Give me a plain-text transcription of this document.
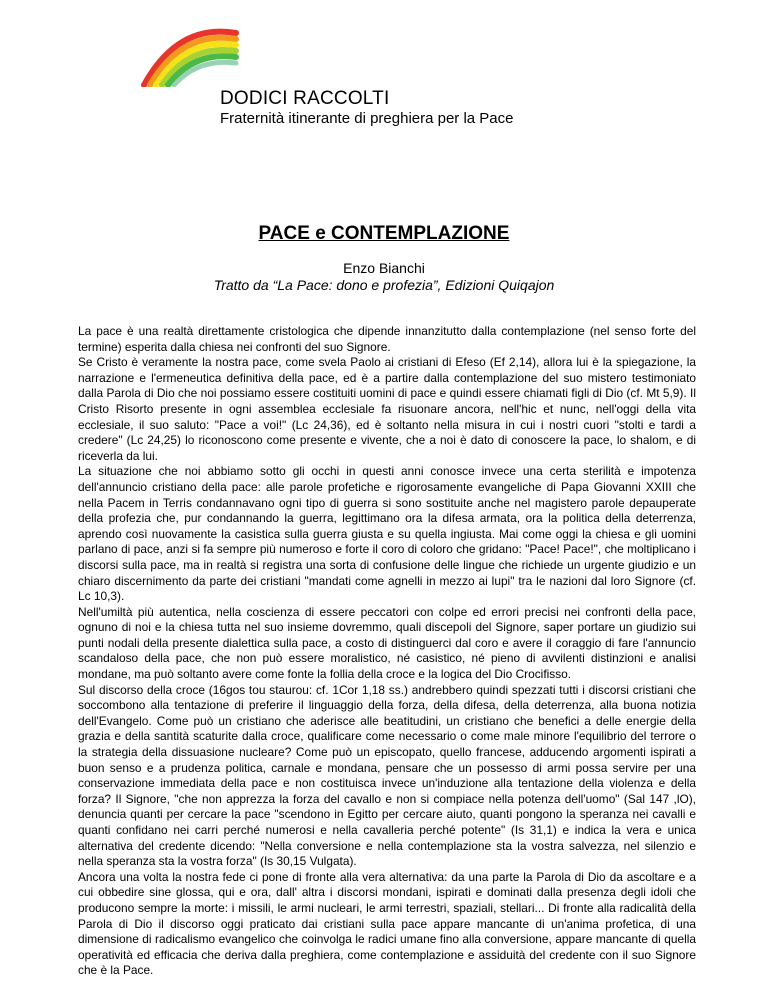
DODICI RACCOLTI
Fraternità itinerante di preghiera per la Pace
PACE e CONTEMPLAZIONE
Enzo Bianchi
Tratto da “La Pace: dono e profezia”, Edizioni Quiqajon

La pace è una realtà direttamente cristologica che dipende innanzitutto dalla contemplazione (nel senso forte del termine) esperita dalla chiesa nei confronti del suo Signore.

Se Cristo è veramente la nostra pace, come svela Paolo ai cristiani di Efeso (Ef 2,14), allora lui è la spiegazione, la narrazione e l'ermeneutica definitiva della pace, ed è a partire dalla contemplazione del suo mistero testimoniato dalla Parola di Dio che noi possiamo essere costituiti uomini di pace e quindi essere chiamati figli di Dio (cf. Mt 5,9). Il Cristo Risorto presente in ogni assemblea ecclesiale fa risuonare ancora, nell'hic et nunc, nell'oggi della vita ecclesiale, il suo saluto: "Pace a voi!" (Lc 24,36), ed è soltanto nella misura in cui i nostri cuori "stolti e tardi a credere" (Lc 24,25) lo riconoscono come presente e vivente, che a noi è dato di conoscere la pace, lo shalom, e di riceverla da lui.

La situazione che noi abbiamo sotto gli occhi in questi anni conosce invece una certa sterilità e impotenza dell'annuncio cristiano della pace: alle parole profetiche e rigorosamente evangeliche di Papa Giovanni XXIII che nella Pacem in Terris condannavano ogni tipo di guerra si sono sostituite anche nel magistero parole depauperate della profezia che, pur condannando la guerra, legittimano ora la difesa armata, ora la politica della deterrenza, aprendo così nuovamente la casistica sulla guerra giusta e su quella ingiusta. Mai come oggi la chiesa e gli uomini parlano di pace, anzi si fa sempre più numeroso e forte il coro di coloro che gridano: "Pace! Pace!", che moltiplicano i discorsi sulla pace, ma in realtà si registra una sorta di confusione delle lingue che richiede un urgente giudizio e un chiaro discernimento da parte dei cristiani "mandati come agnelli in mezzo ai lupi" tra le nazioni dal loro Signore (cf. Lc 10,3).

Nell'umiltà più autentica, nella coscienza di essere peccatori con colpe ed errori precisi nei confronti della pace, ognuno di noi e la chiesa tutta nel suo insieme dovremmo, quali discepoli del Signore, saper portare un giudizio sui punti nodali della presente dialettica sulla pace, a costo di distinguerci dal coro e avere il coraggio di fare l'annuncio scandaloso della pace, che non può essere moralistico, né casistico, né pieno di avvilenti distinzioni e analisi mondane, ma può soltanto avere come fonte la follia della croce e la logica del Dio Crocifisso.

Sul discorso della croce (16gos tou staurou: cf. 1Cor 1,18 ss.) andrebbero quindi spezzati tutti i discorsi cristiani che soccombono alla tentazione di preferire il linguaggio della forza, della difesa, della deterrenza, alla buona notizia dell'Evangelo. Come può un cristiano che aderisce alle beatitudini, un cristiano che benefici a delle energie della grazia e della santità scaturite dalla croce, qualificare come necessario o come male minore l'equilibrio del terrore o la strategia della dissuasione nucleare? Come può un episcopato, quello francese, adducendo argomenti ispirati a buon senso e a prudenza politica, carnale e mondana, pensare che un possesso di armi possa servire per una conservazione immediata della pace e non costituisca invece un'induzione alla tentazione della violenza e della forza? Il Signore, "che non apprezza la forza del cavallo e non si compiace nella potenza dell'uomo" (Sal 147 ,lO), denuncia quanti per cercare la pace "scendono in Egitto per cercare aiuto, quanti pongono la speranza nei cavalli e quanti confidano nei carri perché numerosi e nella cavalleria perché potente" (Is 31,1) e indica la vera e unica alternativa del credente dicendo: "Nella conversione e nella contemplazione sta la vostra salvezza, nel silenzio e nella speranza sta la vostra forza" (Is 30,15 Vulgata).

Ancora una volta la nostra fede ci pone di fronte alla vera alternativa: da una parte la Parola di Dio da ascoltare e a cui obbedire sine glossa, qui e ora, dall' altra i discorsi mondani, ispirati e dominati dalla presenza degli idoli che producono sempre la morte: i missili, le armi nucleari, le armi terrestri, spaziali, stellari... Di fronte alla radicalità della Parola di Dio il discorso oggi praticato dai cristiani sulla pace appare mancante di un'anima profetica, di una dimensione di radicalismo evangelico che coinvolga le radici umane fino alla conversione, appare mancante di quella operatività ed efficacia che deriva dalla preghiera, come contemplazione e assiduità del credente con il suo Signore che è la Pace.
